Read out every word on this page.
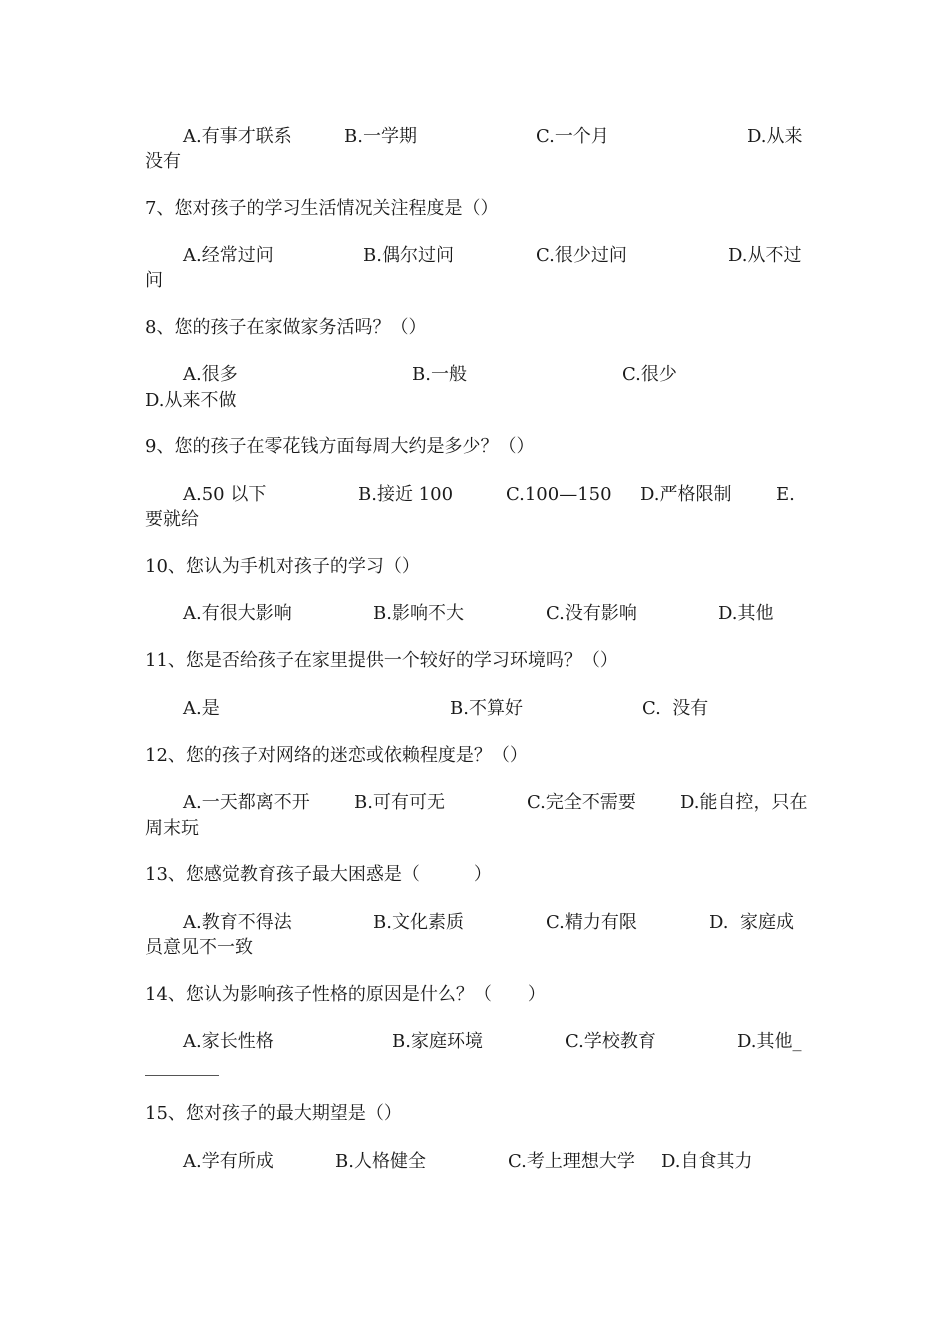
A.有事才联系	B.一学期	C.一个月	D.从来
没有
7、您对孩子的学习生活情况关注程度是（）
A.经常过问	B.偶尔过问	C.很少过问	D.从不过
问
8、您的孩子在家做家务活吗？（）
A.很多	B.一般	C.很少
D.从来不做
9、您的孩子在零花钱方面每周大约是多少？（）
A.50 以下	B.接近 100	C.100—150 D.严格限制 E.
要就给
10、您认为手机对孩子的学习（）
A.有很大影响	B.影响不大	C.没有影响	D.其他
11、您是否给孩子在家里提供一个较好的学习环境吗？（）
A.是	B.不算好	C.  没有
12、您的孩子对网络的迷恋或依赖程度是？（）
A.一天都离不开 B.可有可无	C.完全不需要 D.能自控，只在
周末玩
13、您感觉教育孩子最大困惑是（　　　）
A.教育不得法	B.文化素质	C.精力有限	D.  家庭成
员意见不一致
14、您认为影响孩子性格的原因是什么？（　　）
A.家长性格	B.家庭环境	C.学校教育	D.其他_
15、您对孩子的最大期望是（）
A.学有所成	B.人格健全	C.考上理想大学 D.自食其力
